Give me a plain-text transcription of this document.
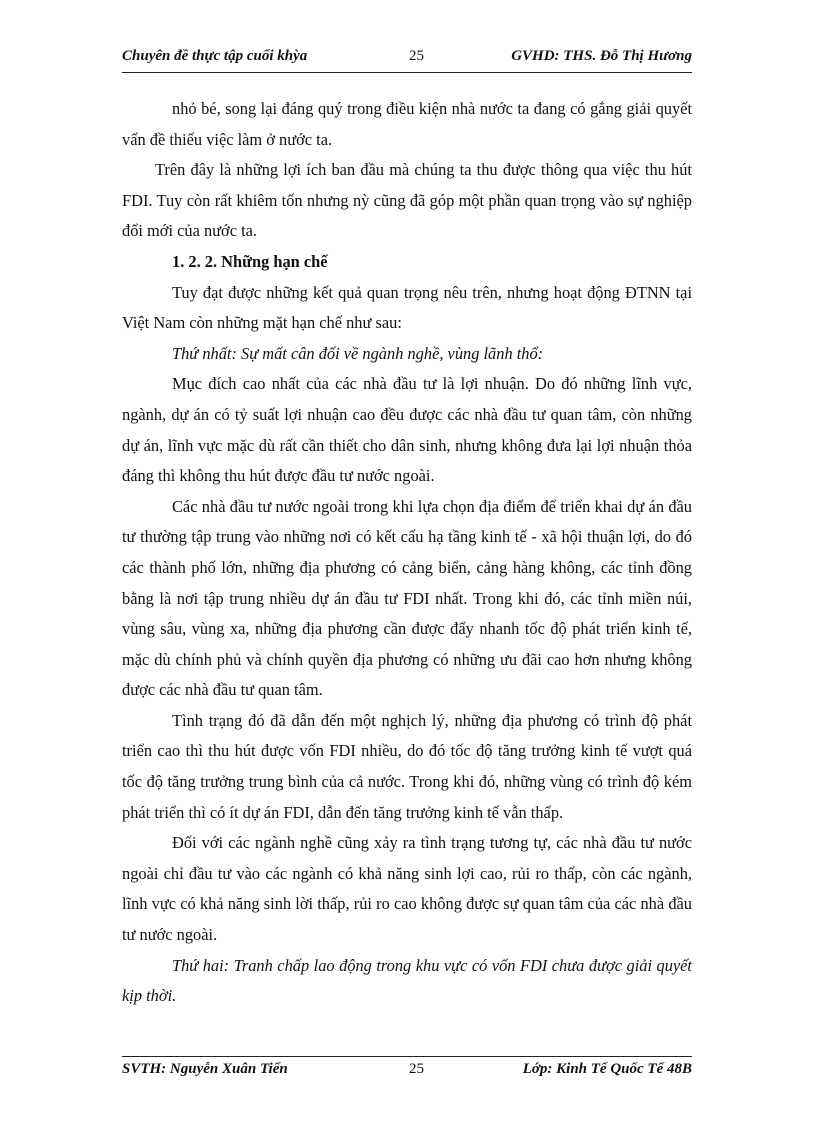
Chuyên đề thực tập cuối khỳa	25	GVHD: THS. Đỗ Thị Hương

nhỏ bé, song lại đáng quý trong điều kiện nhà nước ta đang có gắng giải quyết vấn đề thiếu việc làm ở nước ta.

Trên đây là những lợi ích ban đầu mà chúng ta thu được thông qua việc thu hút FDI. Tuy còn rất khiêm tốn nhưng nỳ cũng đã góp một phần quan trọng vào sự nghiệp đổi mới của nước ta.

1. 2. 2. Những hạn chế

Tuy đạt được những kết quả quan trọng nêu trên, nhưng hoạt động ĐTNN tại Việt Nam còn những mặt hạn chế như sau:

Thứ nhất: Sự mất cân đối về ngành nghề, vùng lãnh thổ:

Mục đích cao nhất của các nhà đầu tư là lợi nhuận. Do đó những lĩnh vực, ngành, dự án có tỷ suất lợi nhuận cao đều được các nhà đầu tư quan tâm, còn những dự án, lĩnh vực mặc dù rất cần thiết cho dân sinh, nhưng không đưa lại lợi nhuận thỏa đáng thì không thu hút được đầu tư nước ngoài.

Các nhà đầu tư nước ngoài trong khi lựa chọn địa điểm để triển khai dự án đầu tư thường tập trung vào những nơi có kết cấu hạ tầng kinh tế - xã hội thuận lợi, do đó các thành phố lớn, những địa phương có cảng biển, cảng hàng không, các tỉnh đồng bằng là nơi tập trung nhiều dự án đầu tư FDI nhất. Trong khi đó, các tỉnh miền núi, vùng sâu, vùng xa, những địa phương cần được đẩy nhanh tốc độ phát triển kinh tế, mặc dù chính phủ và chính quyền địa phương có những ưu đãi cao hơn nhưng không được các nhà đầu tư quan tâm.

Tình trạng đó đã dẫn đến một nghịch lý, những địa phương có trình độ phát triển cao thì thu hút được vốn FDI nhiều, do đó tốc độ tăng trưởng kinh tế vượt quá tốc độ tăng trưởng trung bình của cả nước. Trong khi đó, những vùng có trình độ kém phát triển thì có ít dự án FDI, dẫn đến tăng trưởng kinh tế vẫn thấp.

Đối với các ngành nghề cũng xảy ra tình trạng tương tự, các nhà đầu tư nước ngoài chỉ đầu tư vào các ngành có khả năng sinh lợi cao, rủi ro thấp, còn các ngành, lĩnh vực có khả năng sinh lời thấp, rủi ro cao không được sự quan tâm của các nhà đầu tư nước ngoài.

Thứ hai: Tranh chấp lao động trong khu vực có vốn FDI chưa được giải quyết kịp thời.

SVTH: Nguyễn Xuân Tiến	25	Lớp: Kinh Tế Quốc Tế 48B
